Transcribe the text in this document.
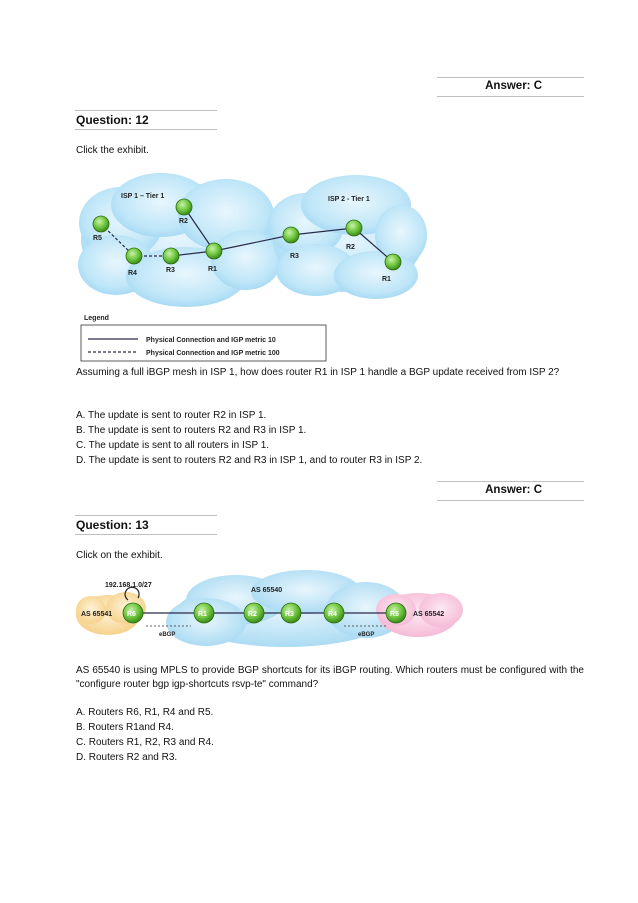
Answer: C
Question: 12
Click the exhibit.
ISP 1 – Tier 1	ISP 2 - Tier 1
R5
R2
R4	R3	R1
R3
R2
R1
Legend
Physical Connection and IGP metric 10
Physical Connection and IGP metric 100
Assuming a full iBGP mesh in ISP 1, how does router R1 in ISP 1 handle a BGP update received from ISP 2?
A. The update is sent to router R2 in ISP 1.
B. The update is sent to routers R2 and R3 in ISP 1.
C. The update is sent to all routers in ISP 1.
D. The update is sent to routers R2 and R3 in ISP 1, and to router R3 in ISP 2.
Answer: C
Question: 13
Click on the exhibit.
192.168.1.0/27
AS 65541
AS 65540
AS 65542
eBGP	eBGP
R6	R1	R2	R3	R4	R5
AS 65540 is using MPLS to provide BGP shortcuts for its iBGP routing. Which routers must be configured with the "configure router bgp igp-shortcuts rsvp-te" command?
A. Routers R6, R1, R4 and R5.
B. Routers R1and R4.
C. Routers R1, R2, R3 and R4.
D. Routers R2 and R3.
